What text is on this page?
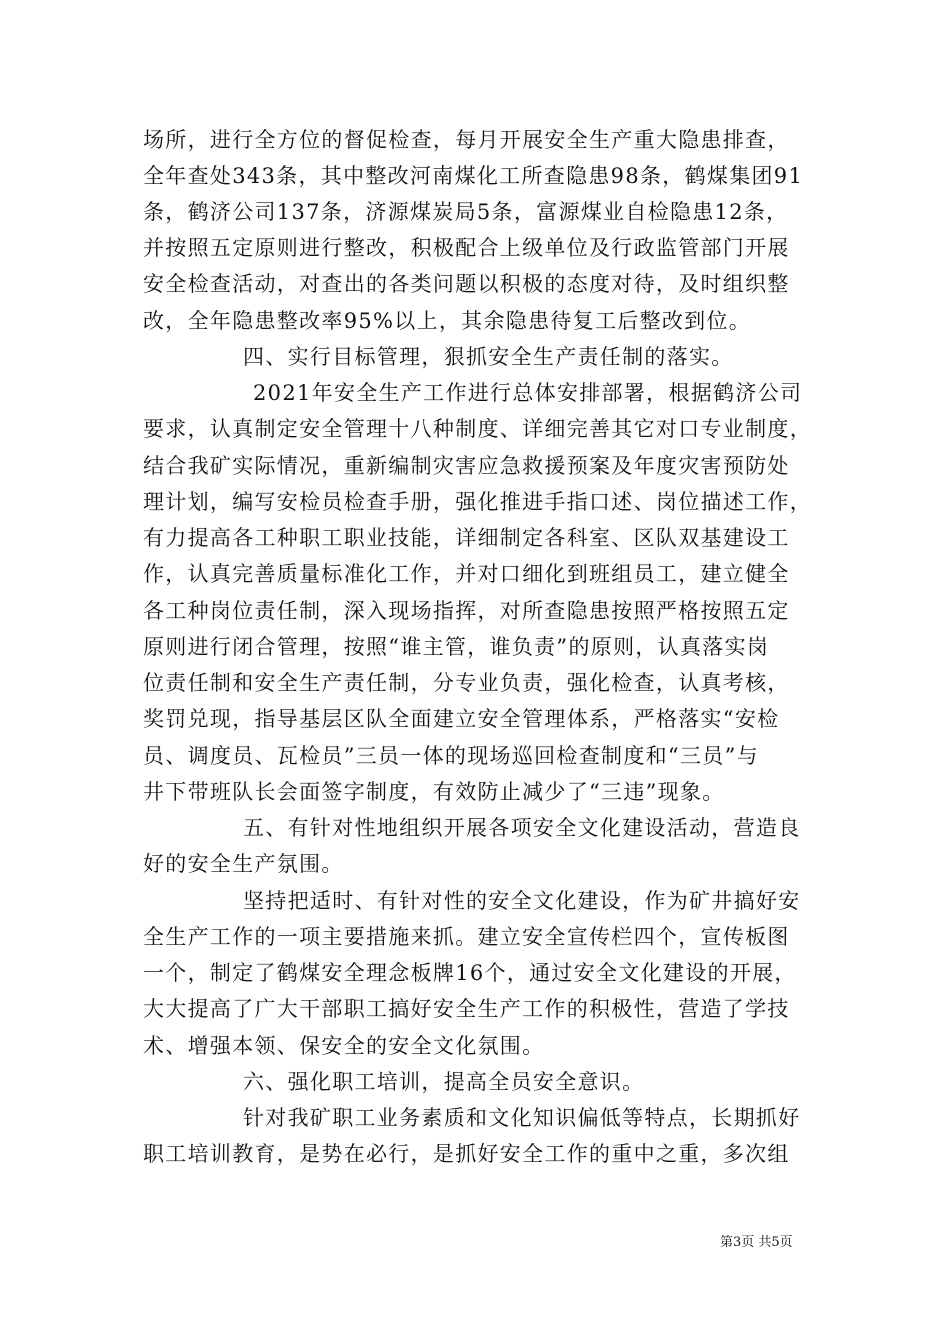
场所，进行全方位的督促检查，每月开展安全生产重大隐患排查，
全年查处343条，其中整改河南煤化工所查隐患98条，鹤煤集团91
条，鹤济公司137条，济源煤炭局5条，富源煤业自检隐患12条，
并按照五定原则进行整改，积极配合上级单位及行政监管部门开展
安全检查活动，对查出的各类问题以积极的态度对待，及时组织整
改，全年隐患整改率95%以上，其余隐患待复工后整改到位。
四、实行目标管理，狠抓安全生产责任制的落实。
2021年安全生产工作进行总体安排部署，根据鹤济公司
要求，认真制定安全管理十八种制度、详细完善其它对口专业制度，
结合我矿实际情况，重新编制灾害应急救援预案及年度灾害预防处
理计划，编写安检员检查手册，强化推进手指口述、岗位描述工作，
有力提高各工种职工职业技能，详细制定各科室、区队双基建设工
作，认真完善质量标准化工作，并对口细化到班组员工，建立健全
各工种岗位责任制，深入现场指挥，对所查隐患按照严格按照五定
原则进行闭合管理，按照“谁主管，谁负责”的原则，认真落实岗
位责任制和安全生产责任制，分专业负责，强化检查，认真考核，
奖罚兑现，指导基层区队全面建立安全管理体系，严格落实“安检
员、调度员、瓦检员”三员一体的现场巡回检查制度和“三员”与
井下带班队长会面签字制度，有效防止减少了“三违”现象。
五、有针对性地组织开展各项安全文化建设活动，营造良
好的安全生产氛围。
坚持把适时、有针对性的安全文化建设，作为矿井搞好安
全生产工作的一项主要措施来抓。建立安全宣传栏四个，宣传板图
一个，制定了鹤煤安全理念板牌16个，通过安全文化建设的开展，
大大提高了广大干部职工搞好安全生产工作的积极性，营造了学技
术、增强本领、保安全的安全文化氛围。
六、强化职工培训，提高全员安全意识。
针对我矿职工业务素质和文化知识偏低等特点，长期抓好
职工培训教育，是势在必行，是抓好安全工作的重中之重，多次组
第3页 共5页
